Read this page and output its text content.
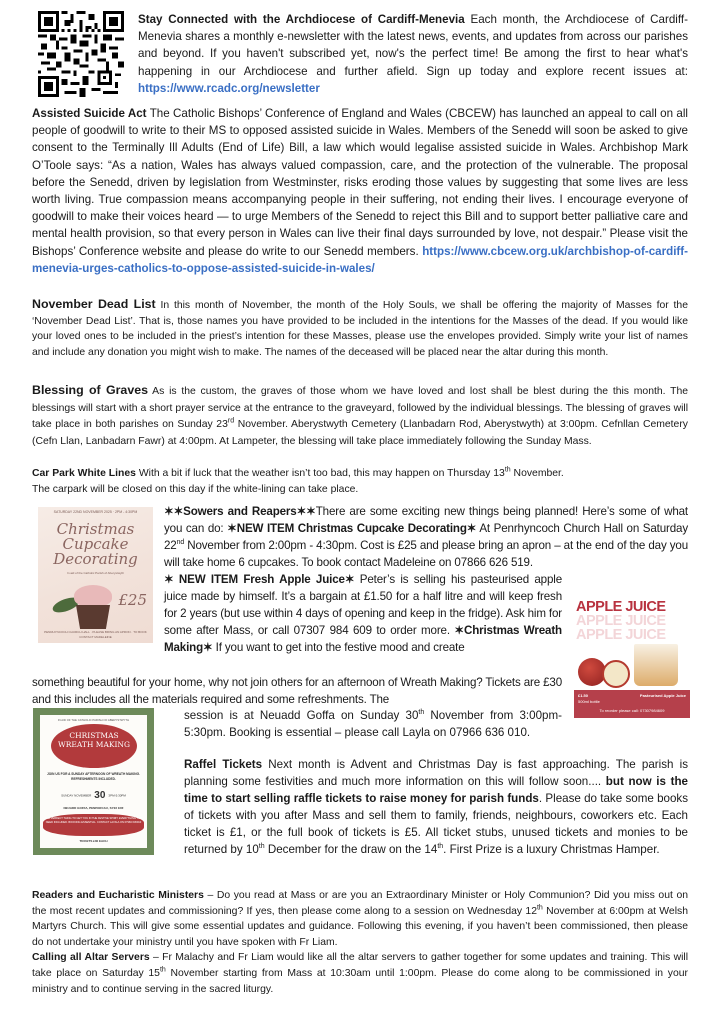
Stay Connected with the Archdiocese of Cardiff-Menevia Each month, the Archdiocese of Cardiff-Menevia shares a monthly e-newsletter with the latest news, events, and updates from across our parishes and beyond. If you haven't subscribed yet, now's the perfect time! Be among the first to hear what's happening in our Archdiocese and further afield. Sign up today and explore recent issues at: https://www.rcadc.org/newsletter
Assisted Suicide Act The Catholic Bishops’ Conference of England and Wales (CBCEW) has launched an appeal to call on all people of goodwill to write to their MS to opposed assisted suicide in Wales. Members of the Senedd will soon be asked to give consent to the Terminally Ill Adults (End of Life) Bill, a law which would legalise assisted suicide in Wales. Archbishop Mark O’Toole says: “As a nation, Wales has always valued compassion, care, and the protection of the vulnerable. The proposal before the Senedd, driven by legislation from Westminster, risks eroding those values by suggesting that some lives are less worth living. True compassion means accompanying people in their suffering, not ending their lives. I encourage everyone of goodwill to make their voices heard — to urge Members of the Senedd to reject this Bill and to support better palliative care and mental health provision, so that every person in Wales can live their final days surrounded by love, not despair.” Please visit the Bishops’ Conference website and please do write to our Senedd members. https://www.cbcew.org.uk/archbishop-of-cardiff-menevia-urges-catholics-to-oppose-assisted-suicide-in-wales/
November Dead List In this month of November, the month of the Holy Souls, we shall be offering the majority of Masses for the ‘November Dead List’. That is, those names you have provided to be included in the intentions for the Masses of the dead. If you would like your loved ones to be included in the priest’s intention for these Masses, please use the envelopes provided. Simply write your list of names and include any donation you might wish to make. The names of the deceased will be placed near the altar during this month.
Blessing of Graves As is the custom, the graves of those whom we have loved and lost shall be blest during the this month. The blessings will start with a short prayer service at the entrance to the graveyard, followed by the individual blessings. The blessing of graves will take place in both parishes on Sunday 23rd November. Aberystwyth Cemetery (Llanbadarn Rod, Aberystwyth) at 3:00pm. Cefnllan Cemetery (Cefn Llan, Lanbadarn Fawr) at 4:00pm. At Lampeter, the blessing will take place immediately following the Sunday Mass.
Car Park White Lines With a bit if luck that the weather isn’t too bad, this may happen on Thursday 13th November.
The carpark will be closed on this day if the white-lining can take place.
SATURDAY 22ND NOVEMBER 2025 · 2PM - 4:30PM
Christmas Cupcake Decorating
In aid of the Catholic Parish of Aberystwyth
£25
PENRHYNCOCH CHURCH HALL · PLEASE BRING AN APRON · TO BOOK CONTACT MADELEINE
✶✶Sowers and Reapers✶✶There are some exciting new things being planned! Here’s some of what you can do: ✶NEW ITEM Christmas Cupcake Decorating✶ At Penrhyncoch Church Hall on Saturday 22nd November from 2:00pm - 4:30pm. Cost is £25 and please bring an apron – at the end of the day you will take home 6 cupcakes. To book contact Madeleine on 07866 626 519.
✶ NEW ITEM Fresh Apple Juice✶ Peter’s is selling his pasteurised apple juice made by himself. It’s a bargain at £1.50 for a half litre and will keep fresh for 2 years (but use within 4 days of opening and keep in the fridge). Ask him for some after Mass, or call 07307 984 609 to order more. ✶Christmas Wreath Making✶ If you want to get into the festive mood and create
something beautiful for your home, why not join others for an afternoon of Wreath Making? Tickets are £30 and this includes all the materials required and some refreshments. The
session is at Neuadd Goffa on Sunday 30th November from 3:00pm-5:30pm. Booking is essential – please call Layla on 07966 636 010.
APPLE JUICE
APPLE JUICE
APPLE JUICE
£1.50
500ml bottle
Pasteurised Apple Juice
To reorder please call: 07307984609
IN AID OF THE CATHOLIC PARISH OF ABERYSTWYTH
CHRISTMAS WREATH MAKING
JOIN US FOR A SUNDAY AFTERNOON OF WREATH MAKING. REFRESHMENTS INCLUDED.
SUNDAY NOVEMBER 30 3PM-5:30PM
NEUADD GOFFA, PENPARCAU, SY23 1RZ
THE PERFECT THING TO GET YOU IN THE FESTIVE SPIRIT. EVERYTHING YOU NEED INCLUDED. BOOKING ESSENTIAL. CONTACT LAYALA ON 07966 636010
TICKETS £30 EACH
Raffel Tickets Next month is Advent and Christmas Day is fast approaching. The parish is planning some festivities and much more information on this will follow soon.... but now is the time to start selling raffle tickets to raise money for parish funds. Please do take some books of tickets with you after Mass and sell them to family, friends, neighbours, coworkers etc. Each ticket is £1, or the full book of tickets is £5. All ticket stubs, unused tickets and monies to be returned by 10th December for the draw on the 14th. First Prize is a luxury Christmas Hamper.
Readers and Eucharistic Ministers – Do you read at Mass or are you an Extraordinary Minister or Holy Communion? Did you miss out on the most recent updates and commissioning? If yes, then please come along to a session on Wednesday 12th November at 6:00pm at Welsh Martyrs Church. This will give some essential updates and guidance. Following this evening, if you haven’t been commissioned, then please do not undertake your ministry until you have spoken with Fr Liam.
Calling all Altar Servers – Fr Malachy and Fr Liam would like all the altar servers to gather together for some updates and training. This will take place on Saturday 15th November starting from Mass at 10:30am until 1:00pm. Please do come along to be commissioned in your ministry and to continue serving in the sacred liturgy.
